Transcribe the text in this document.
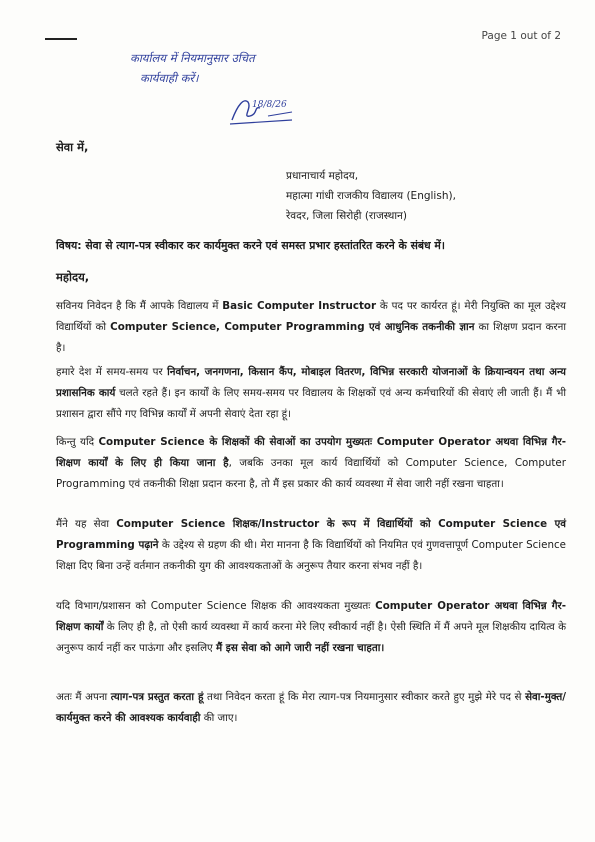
Page 1 out of 2
कार्यालय में नियमानुसार उचित
कार्यवाही करें।
18/8/26
सेवा में,
प्रधानाचार्य महोदय,
महात्मा गांधी राजकीय विद्यालय (English),
रेवदर, जिला सिरोही (राजस्थान)
विषय: सेवा से त्याग-पत्र स्वीकार कर कार्यमुक्त करने एवं समस्त प्रभार हस्तांतरित करने के संबंध में।
महोदय,
सविनय निवेदन है कि मैं आपके विद्यालय में Basic Computer Instructor के पद पर कार्यरत हूं। मेरी नियुक्ति का मूल उद्देश्य विद्यार्थियों को Computer Science, Computer Programming एवं आधुनिक तकनीकी ज्ञान का शिक्षण प्रदान करना है।
हमारे देश में समय-समय पर निर्वाचन, जनगणना, किसान कैंप, मोबाइल वितरण, विभिन्न सरकारी योजनाओं के क्रियान्वयन तथा अन्य प्रशासनिक कार्य चलते रहते हैं। इन कार्यों के लिए समय-समय पर विद्यालय के शिक्षकों एवं अन्य कर्मचारियों की सेवाएं ली जाती हैं। मैं भी प्रशासन द्वारा सौंपे गए विभिन्न कार्यों में अपनी सेवाएं देता रहा हूं।
किन्तु यदि Computer Science के शिक्षकों की सेवाओं का उपयोग मुख्यतः Computer Operator अथवा विभिन्न गैर-शिक्षण कार्यों के लिए ही किया जाना है, जबकि उनका मूल कार्य विद्यार्थियों को Computer Science, Computer Programming एवं तकनीकी शिक्षा प्रदान करना है, तो मैं इस प्रकार की कार्य व्यवस्था में सेवा जारी नहीं रखना चाहता।
मैंने यह सेवा Computer Science शिक्षक/Instructor के रूप में विद्यार्थियों को Computer Science एवं Programming पढ़ाने के उद्देश्य से ग्रहण की थी। मेरा मानना है कि विद्यार्थियों को नियमित एवं गुणवत्तापूर्ण Computer Science शिक्षा दिए बिना उन्हें वर्तमान तकनीकी युग की आवश्यकताओं के अनुरूप तैयार करना संभव नहीं है।
यदि विभाग/प्रशासन को Computer Science शिक्षक की आवश्यकता मुख्यतः Computer Operator अथवा विभिन्न गैर-शिक्षण कार्यों के लिए ही है, तो ऐसी कार्य व्यवस्था में कार्य करना मेरे लिए स्वीकार्य नहीं है। ऐसी स्थिति में मैं अपने मूल शिक्षकीय दायित्व के अनुरूप कार्य नहीं कर पाऊंगा और इसलिए मैं इस सेवा को आगे जारी नहीं रखना चाहता।
अतः मैं अपना त्याग-पत्र प्रस्तुत करता हूं तथा निवेदन करता हूं कि मेरा त्याग-पत्र नियमानुसार स्वीकार करते हुए मुझे मेरे पद से सेवा-मुक्त/कार्यमुक्त करने की आवश्यक कार्यवाही की जाए।
